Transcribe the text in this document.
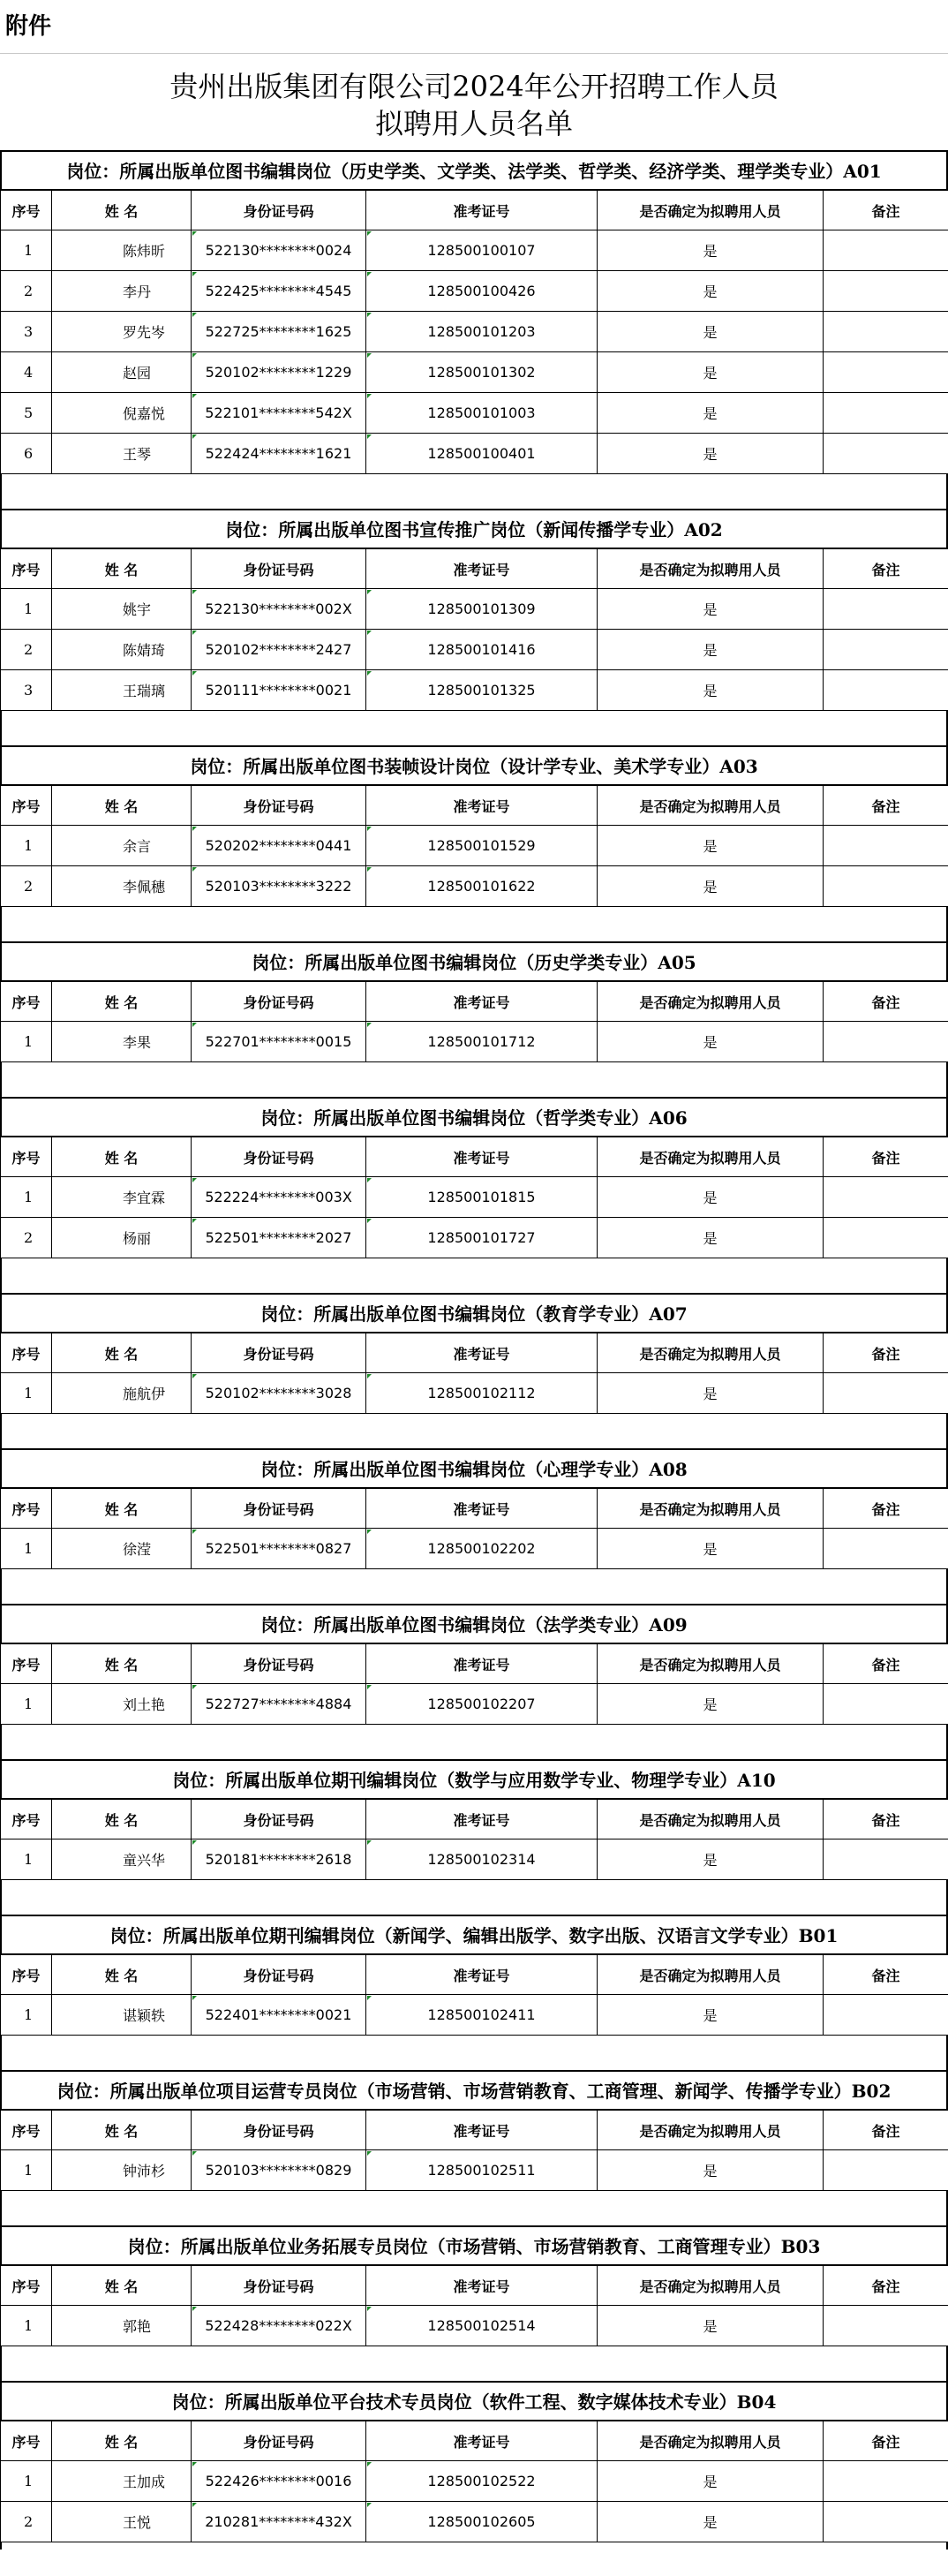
附件
贵州出版集团有限公司2024年公开招聘工作人员
拟聘用人员名单
岗位：所属出版单位图书编辑岗位（历史学类、文学类、法学类、哲学类、经济学类、理学类专业）A01
序号	姓 名	身份证号码	准考证号	是否确定为拟聘用人员	备注
1	陈炜昕	522130********0024	128500100107	是	
2	李丹	522425********4545	128500100426	是	
3	罗先岑	522725********1625	128500101203	是	
4	赵园	520102********1229	128500101302	是	
5	倪嘉悦	522101********542X	128500101003	是	
6	王琴	522424********1621	128500100401	是	
岗位：所属出版单位图书宣传推广岗位（新闻传播学专业）A02
序号	姓 名	身份证号码	准考证号	是否确定为拟聘用人员	备注
1	姚宇	522130********002X	128500101309	是	
2	陈婧琦	520102********2427	128500101416	是	
3	王瑞璃	520111********0021	128500101325	是	
岗位：所属出版单位图书装帧设计岗位（设计学专业、美术学专业）A03
序号	姓 名	身份证号码	准考证号	是否确定为拟聘用人员	备注
1	余言	520202********0441	128500101529	是	
2	李佩穗	520103********3222	128500101622	是	
岗位：所属出版单位图书编辑岗位（历史学类专业）A05
序号	姓 名	身份证号码	准考证号	是否确定为拟聘用人员	备注
1	李果	522701********0015	128500101712	是	
岗位：所属出版单位图书编辑岗位（哲学类专业）A06
序号	姓 名	身份证号码	准考证号	是否确定为拟聘用人员	备注
1	李宜霖	522224********003X	128500101815	是	
2	杨丽	522501********2027	128500101727	是	
岗位：所属出版单位图书编辑岗位（教育学专业）A07
序号	姓 名	身份证号码	准考证号	是否确定为拟聘用人员	备注
1	施航伊	520102********3028	128500102112	是	
岗位：所属出版单位图书编辑岗位（心理学专业）A08
序号	姓 名	身份证号码	准考证号	是否确定为拟聘用人员	备注
1	徐滢	522501********0827	128500102202	是	
岗位：所属出版单位图书编辑岗位（法学类专业）A09
序号	姓 名	身份证号码	准考证号	是否确定为拟聘用人员	备注
1	刘土艳	522727********4884	128500102207	是	
岗位：所属出版单位期刊编辑岗位（数学与应用数学专业、物理学专业）A10
序号	姓 名	身份证号码	准考证号	是否确定为拟聘用人员	备注
1	童兴华	520181********2618	128500102314	是	
岗位：所属出版单位期刊编辑岗位（新闻学、编辑出版学、数字出版、汉语言文学专业）B01
序号	姓 名	身份证号码	准考证号	是否确定为拟聘用人员	备注
1	谌颖轶	522401********0021	128500102411	是	
岗位：所属出版单位项目运营专员岗位（市场营销、市场营销教育、工商管理、新闻学、传播学专业）B02
序号	姓 名	身份证号码	准考证号	是否确定为拟聘用人员	备注
1	钟沛杉	520103********0829	128500102511	是	
岗位：所属出版单位业务拓展专员岗位（市场营销、市场营销教育、工商管理专业）B03
序号	姓 名	身份证号码	准考证号	是否确定为拟聘用人员	备注
1	郭艳	522428********022X	128500102514	是	
岗位：所属出版单位平台技术专员岗位（软件工程、数字媒体技术专业）B04
序号	姓 名	身份证号码	准考证号	是否确定为拟聘用人员	备注
1	王加成	522426********0016	128500102522	是	
2	王悦	210281********432X	128500102605	是	
